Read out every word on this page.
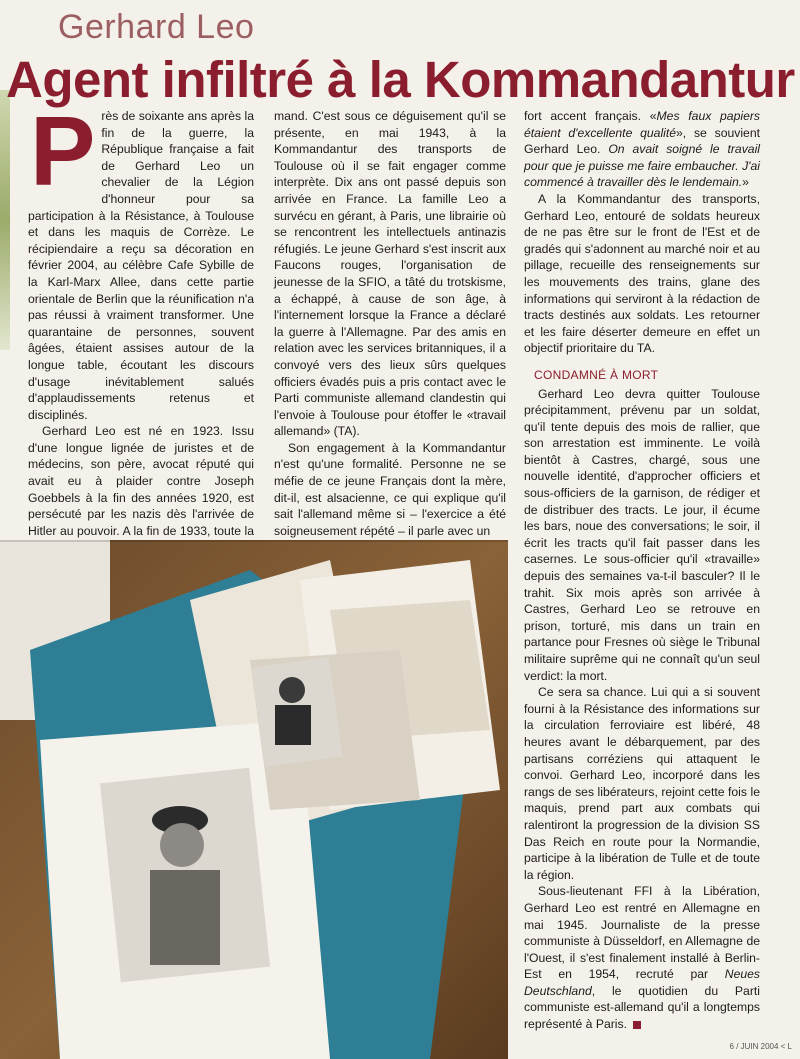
Gerhard Leo
Agent infiltré à la Kommandantur

Près de soixante ans après la fin de la guerre, la République française a fait de Gerhard Leo un chevalier de la Légion d'honneur pour sa participation à la Résistance, à Toulouse et dans les maquis de Corrèze. Le récipiendaire a reçu sa décoration en février 2004, au célèbre Cafe Sybille de la Karl-Marx Allee, dans cette partie orientale de Berlin que la réunification n'a pas réussi à vraiment transformer. Une quarantaine de personnes, souvent âgées, étaient assises autour de la longue table, écoutant les discours d'usage inévitablement salués d'applaudissements retenus et disciplinés.

Gerhard Leo est né en 1923. Issu d'une longue lignée de juristes et de médecins, son père, avocat réputé qui avait eu à plaider contre Joseph Goebbels à la fin des années 1920, est persécuté par les nazis dès l'arrivée de Hitler au pouvoir. A la fin de 1933, toute la

mand. C'est sous ce déguisement qu'il se présente, en mai 1943, à la Kommandantur des transports de Toulouse où il se fait engager comme interprète. Dix ans ont passé depuis son arrivée en France. La famille Leo a survécu en gérant, à Paris, une librairie où se rencontrent les intellectuels antinazis réfugiés. Le jeune Gerhard s'est inscrit aux Faucons rouges, l'organisation de jeunesse de la SFIO, a tâté du trotskisme, a échappé, à cause de son âge, à l'internement lorsque la France a déclaré la guerre à l'Allemagne. Par des amis en relation avec les services britanniques, il a convoyé vers des lieux sûrs quelques officiers évadés puis a pris contact avec le Parti communiste allemand clandestin qui l'envoie à Toulouse pour étoffer le «travail allemand» (TA).

Son engagement à la Kommandantur n'est qu'une formalité. Personne ne se méfie de ce jeune Français dont la mère, dit-il, est alsacienne, ce qui explique qu'il sait l'allemand même si – l'exercice a été soigneusement répété – il parle avec un

fort accent français. «Mes faux papiers étaient d'excellente qualité», se souvient Gerhard Leo. On avait soigné le travail pour que je puisse me faire embaucher. J'ai commencé à travailler dès le lendemain.»

A la Kommandantur des transports, Gerhard Leo, entouré de soldats heureux de ne pas être sur le front de l'Est et de gradés qui s'adonnent au marché noir et au pillage, recueille des renseignements sur les mouvements des trains, glane des informations qui serviront à la rédaction de tracts destinés aux soldats. Les retourner et les faire déserter demeure en effet un objectif prioritaire du TA.

CONDAMNÉ À MORT

Gerhard Leo devra quitter Toulouse précipitamment, prévenu par un soldat, qu'il tente depuis des mois de rallier, que son arrestation est imminente. Le voilà bientôt à Castres, chargé, sous une nouvelle identité, d'approcher officiers et sous-officiers de la garnison, de rédiger et de distribuer des tracts. Le jour, il écume les bars, noue des conversations; le soir, il écrit les tracts qu'il fait passer dans les casernes. Le sous-officier qu'il «travaille» depuis des semaines va-t-il basculer? Il le trahit. Six mois après son arrivée à Castres, Gerhard Leo se retrouve en prison, torturé, mis dans un train en partance pour Fresnes où siège le Tribunal militaire suprême qui ne connaît qu'un seul verdict: la mort.

Ce sera sa chance. Lui qui a si souvent fourni à la Résistance des informations sur la circulation ferroviaire est libéré, 48 heures avant le débarquement, par des partisans corréziens qui attaquent le convoi. Gerhard Leo, incorporé dans les rangs de ses libérateurs, rejoint cette fois le maquis, prend part aux combats qui ralentiront la progression de la division SS Das Reich en route pour la Normandie, participe à la libération de Tulle et de toute la région.

Sous-lieutenant FFI à la Libération, Gerhard Leo est rentré en Allemagne en mai 1945. Journaliste de la presse communiste à Düsseldorf, en Allemagne de l'Ouest, il s'est finalement installé à Berlin-Est en 1954, recruté par Neues Deutschland, le quotidien du Parti communiste est-allemand qu'il a longtemps représenté à Paris.

6 / JUIN 2004 < L
